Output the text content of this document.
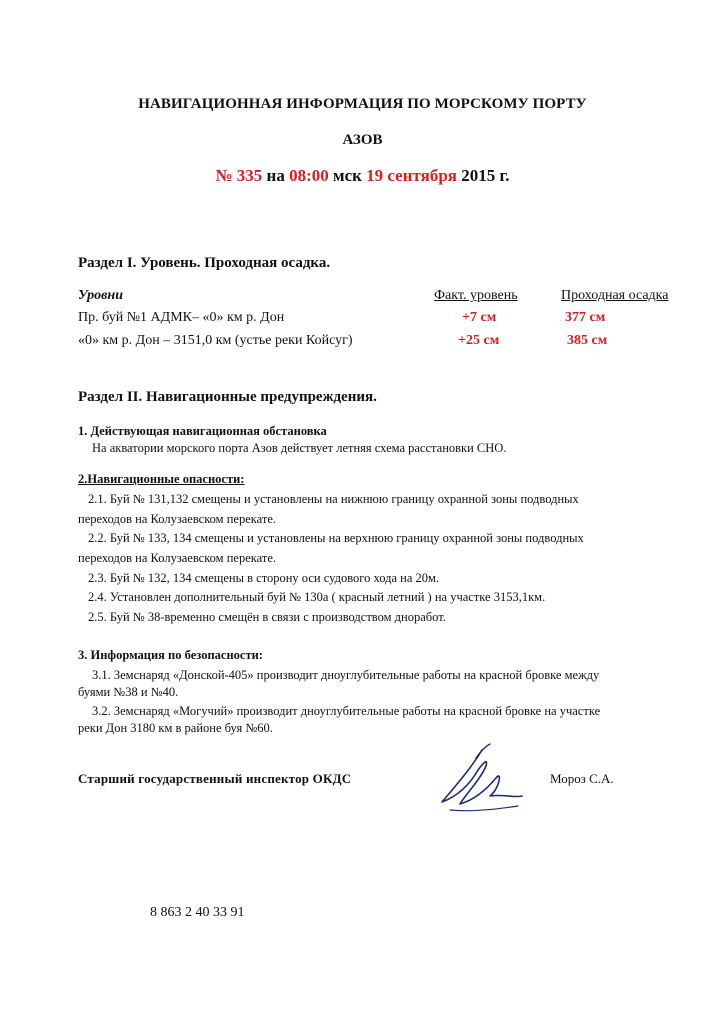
НАВИГАЦИОННАЯ ИНФОРМАЦИЯ ПО МОРСКОМУ ПОРТУ
АЗОВ
№ 335 на 08:00 мск 19 сентября 2015 г.
Раздел I. Уровень. Проходная осадка.
Уровни	Факт. уровень	Проходная осадка
Пр. буй №1 АДМК– «0» км р. Дон	+7 см	377 см
«0» км р. Дон – 3151,0 км (устье реки Койсуг)	+25 см	385 см
Раздел II. Навигационные предупреждения.
1. Действующая навигационная обстановка
На акватории морского порта Азов действует летняя схема расстановки СНО.
2.Навигационные опасности:
2.1. Буй № 131,132 смещены и установлены на нижнюю границу охранной зоны подводных
переходов на Колузаевском перекате.
2.2. Буй № 133, 134 смещены и установлены на верхнюю границу охранной зоны подводных
переходов на Колузаевском перекате.
2.3. Буй № 132, 134 смещены в сторону оси судового хода на 20м.
2.4. Установлен дополнительный буй № 130а ( красный летний ) на участке 3153,1км.
2.5. Буй № 38-временно смещён в связи с производством дноработ.
3. Информация по безопасности:
3.1. Земснаряд «Донской-405» производит дноуглубительные работы на красной бровке между
буями №38 и №40.
3.2. Земснаряд «Могучий» производит дноуглубительные работы на красной бровке на участке
реки Дон 3180 км в районе буя №60.
Старший государственный инспектор ОКДС	Мороз С.А.
8 863 2 40 33 91
